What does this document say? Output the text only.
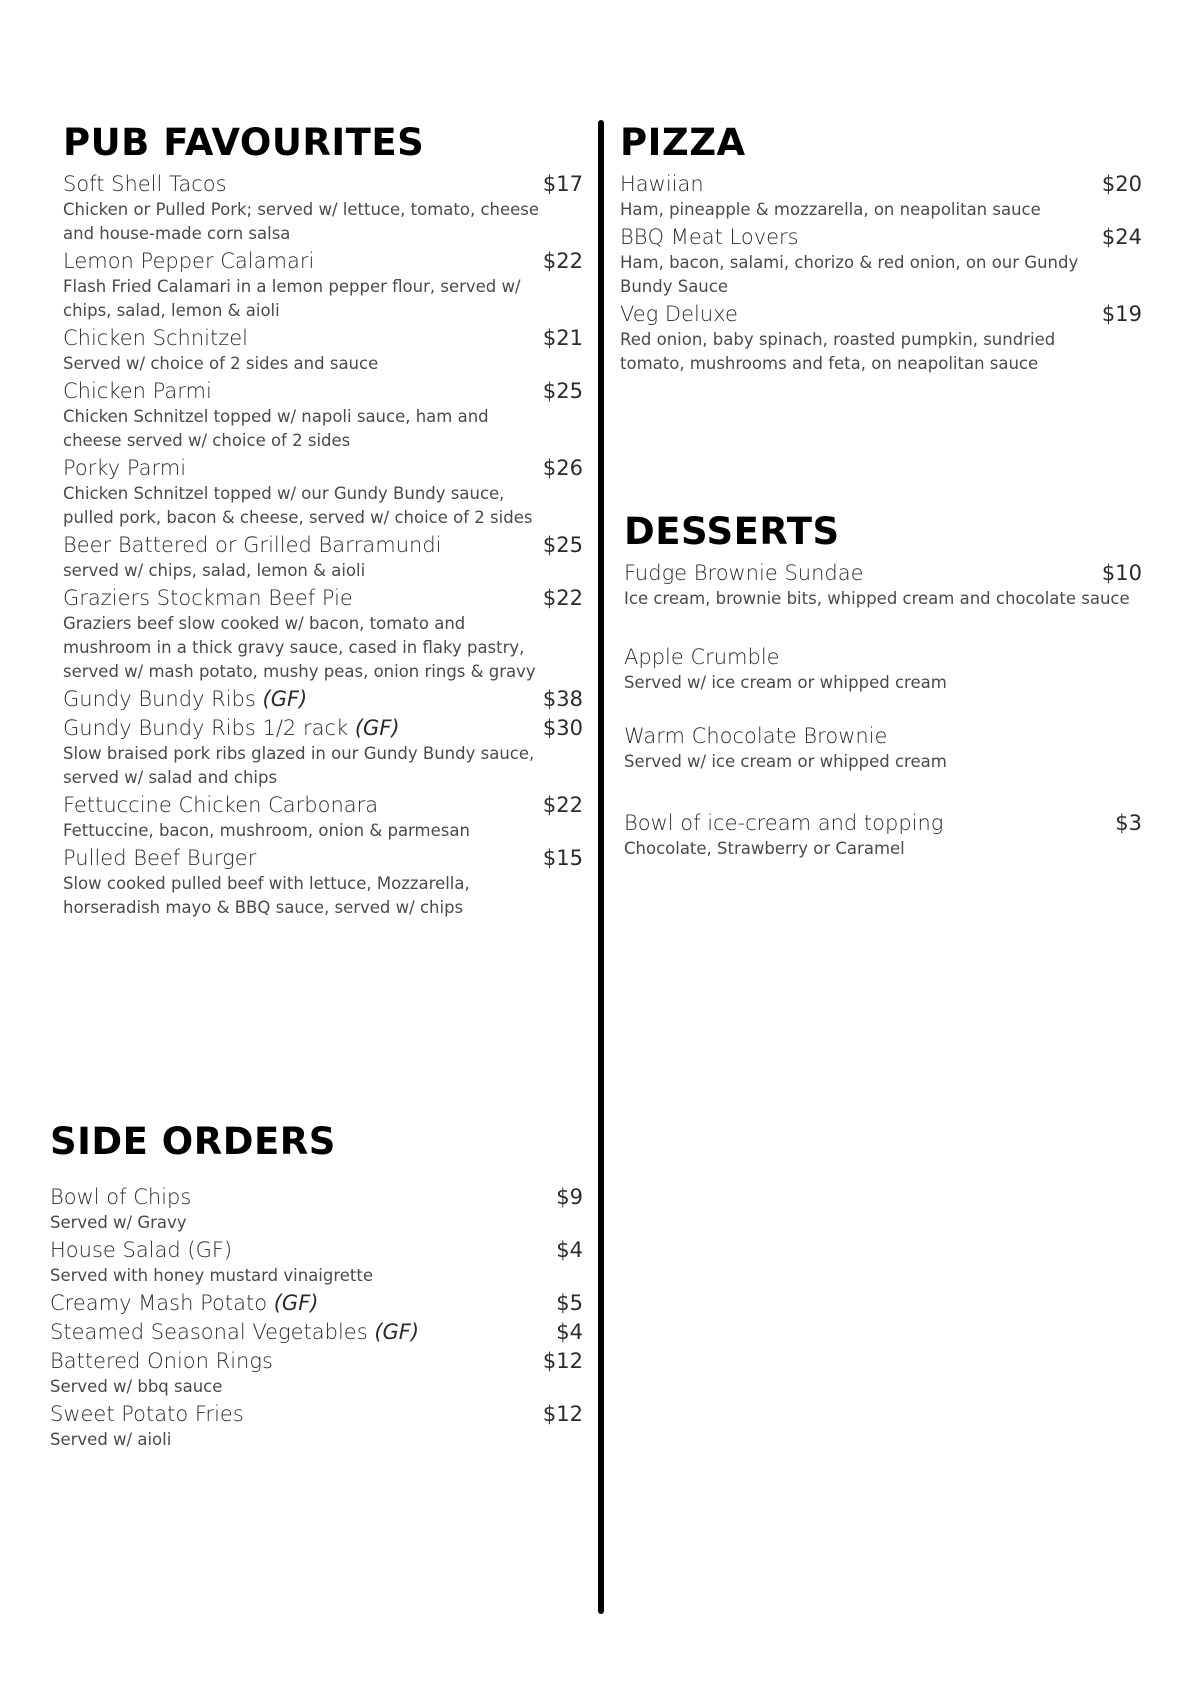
PUB FAVOURITES
Soft Shell Tacos	$17
Chicken or Pulled Pork; served w/ lettuce, tomato, cheese and house-made corn salsa
Lemon Pepper Calamari	$22
Flash Fried Calamari in a lemon pepper flour, served w/ chips, salad, lemon & aioli
Chicken Schnitzel	$21
Served w/ choice of 2 sides and sauce
Chicken Parmi	$25
Chicken Schnitzel topped w/ napoli sauce, ham and cheese served w/ choice of 2 sides
Porky Parmi	$26
Chicken Schnitzel topped w/ our Gundy Bundy sauce, pulled pork, bacon & cheese, served w/ choice of 2 sides
Beer Battered or Grilled Barramundi	$25
served w/ chips, salad, lemon & aioli
Graziers Stockman Beef Pie	$22
Graziers beef slow cooked w/ bacon, tomato and mushroom in a thick gravy sauce, cased in flaky pastry, served w/ mash potato, mushy peas, onion rings & gravy
Gundy Bundy Ribs (GF)	$38
Gundy Bundy Ribs 1/2 rack (GF)	$30
Slow braised pork ribs glazed in our Gundy Bundy sauce, served w/ salad and chips
Fettuccine Chicken Carbonara	$22
Fettuccine, bacon, mushroom, onion & parmesan
Pulled Beef Burger	$15
Slow cooked pulled beef with lettuce, Mozzarella, horseradish mayo & BBQ sauce, served w/ chips
PIZZA
Hawiian	$20
Ham, pineapple & mozzarella, on neapolitan sauce
BBQ Meat Lovers	$24
Ham, bacon, salami, chorizo & red onion, on our Gundy Bundy Sauce
Veg Deluxe	$19
Red onion, baby spinach, roasted pumpkin, sundried tomato, mushrooms and feta, on neapolitan sauce
DESSERTS
Fudge Brownie Sundae	$10
Ice cream, brownie bits, whipped cream and chocolate sauce
Apple Crumble
Served w/ ice cream or whipped cream
Warm Chocolate Brownie
Served w/ ice cream or whipped cream
Bowl of ice-cream and topping	$3
Chocolate, Strawberry or Caramel
SIDE ORDERS
Bowl of Chips	$9
Served w/ Gravy
House Salad (GF)	$4
Served with honey mustard vinaigrette
Creamy Mash Potato (GF)	$5
Steamed Seasonal Vegetables (GF)	$4
Battered Onion Rings	$12
Served w/ bbq sauce
Sweet Potato Fries	$12
Served w/ aioli
